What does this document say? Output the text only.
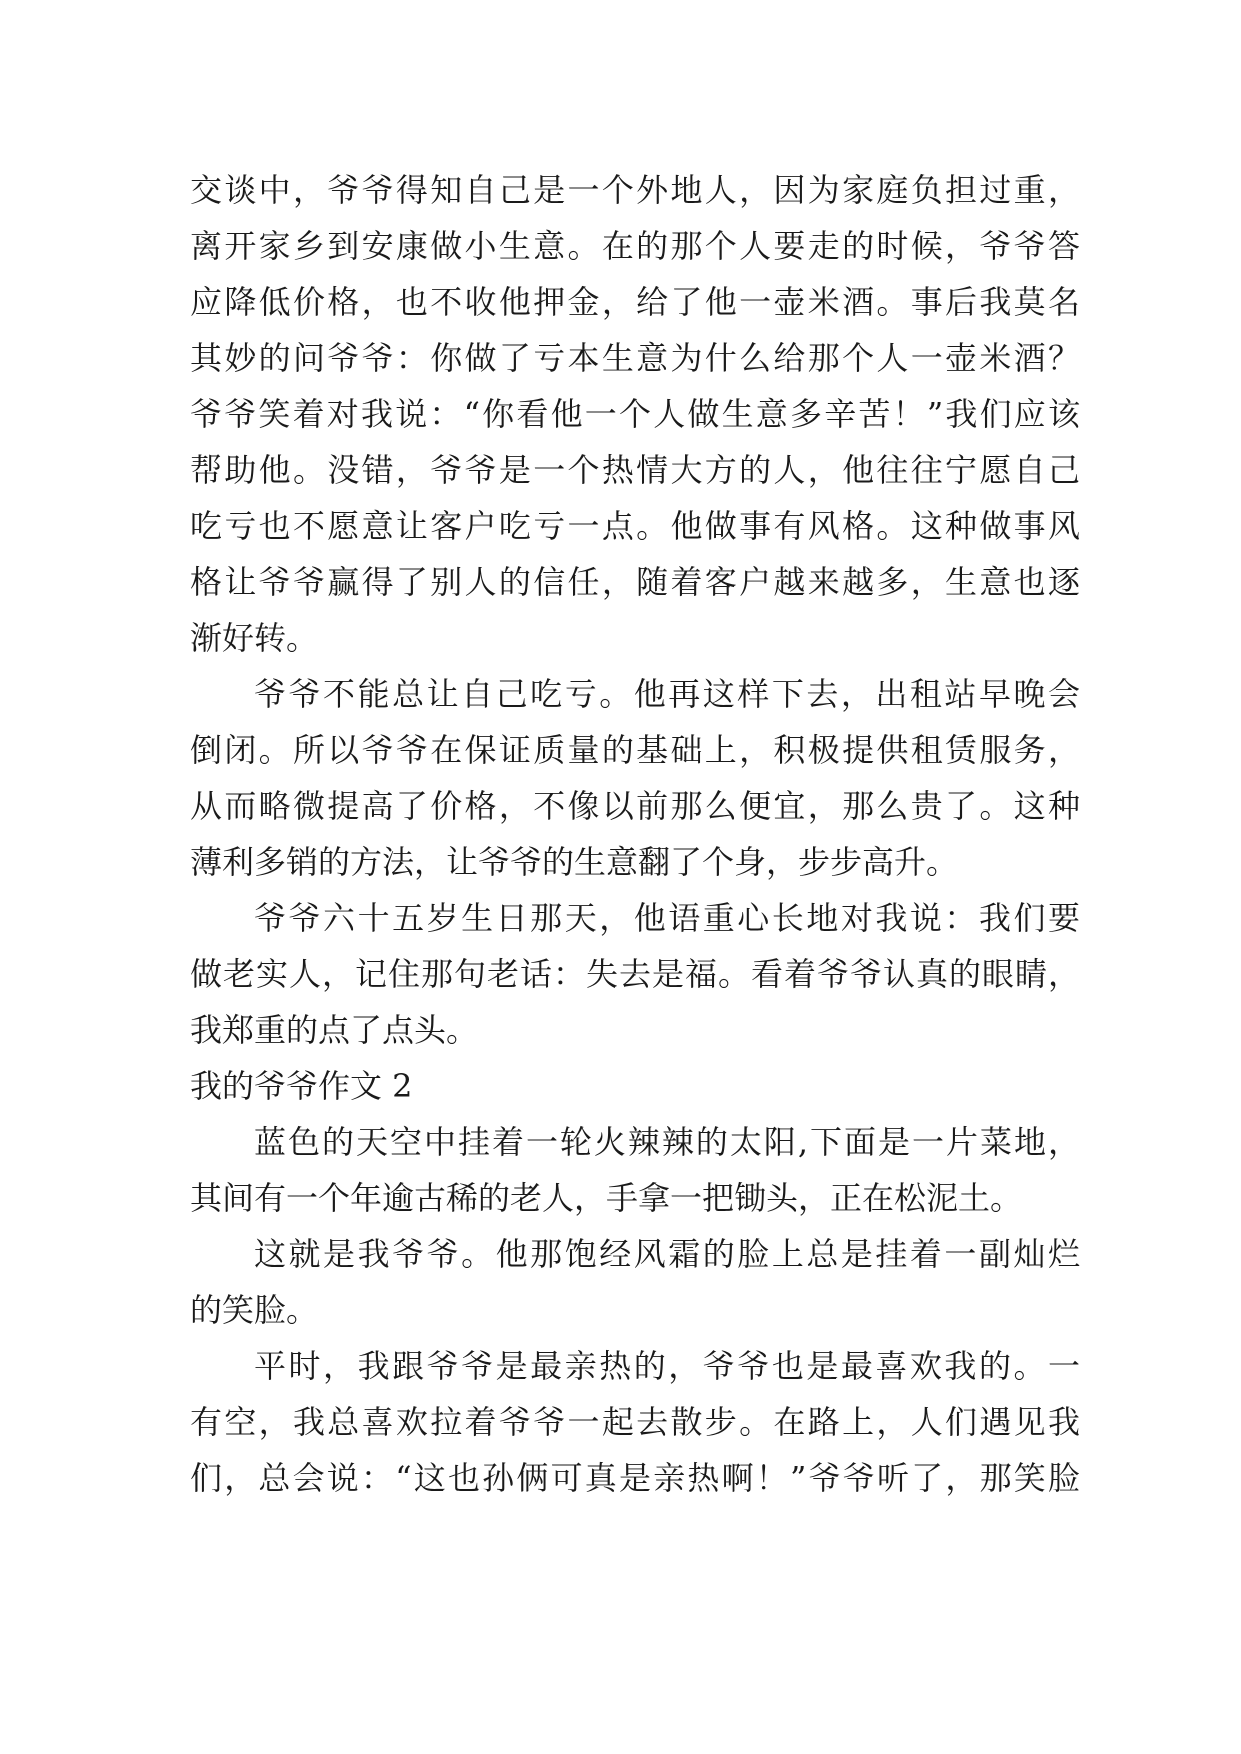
交谈中，爷爷得知自己是一个外地人，因为家庭负担过重，
离开家乡到安康做小生意。在的那个人要走的时候，爷爷答
应降低价格，也不收他押金，给了他一壶米酒。事后我莫名
其妙的问爷爷：你做了亏本生意为什么给那个人一壶米酒？
爷爷笑着对我说：“你看他一个人做生意多辛苦！”我们应该
帮助他。没错，爷爷是一个热情大方的人，他往往宁愿自己
吃亏也不愿意让客户吃亏一点。他做事有风格。这种做事风
格让爷爷赢得了别人的信任，随着客户越来越多，生意也逐
渐好转。
爷爷不能总让自己吃亏。他再这样下去，出租站早晚会
倒闭。所以爷爷在保证质量的基础上，积极提供租赁服务，
从而略微提高了价格，不像以前那么便宜，那么贵了。这种
薄利多销的方法，让爷爷的生意翻了个身，步步高升。
爷爷六十五岁生日那天，他语重心长地对我说：我们要
做老实人，记住那句老话：失去是福。看着爷爷认真的眼睛，
我郑重的点了点头。
我的爷爷作文 2
蓝色的天空中挂着一轮火辣辣的太阳,下面是一片菜地，
其间有一个年逾古稀的老人，手拿一把锄头，正在松泥土。
这就是我爷爷。他那饱经风霜的脸上总是挂着一副灿烂
的笑脸。
平时，我跟爷爷是最亲热的，爷爷也是最喜欢我的。一
有空，我总喜欢拉着爷爷一起去散步。在路上，人们遇见我
们，总会说：“这也孙俩可真是亲热啊！”爷爷听了，那笑脸
